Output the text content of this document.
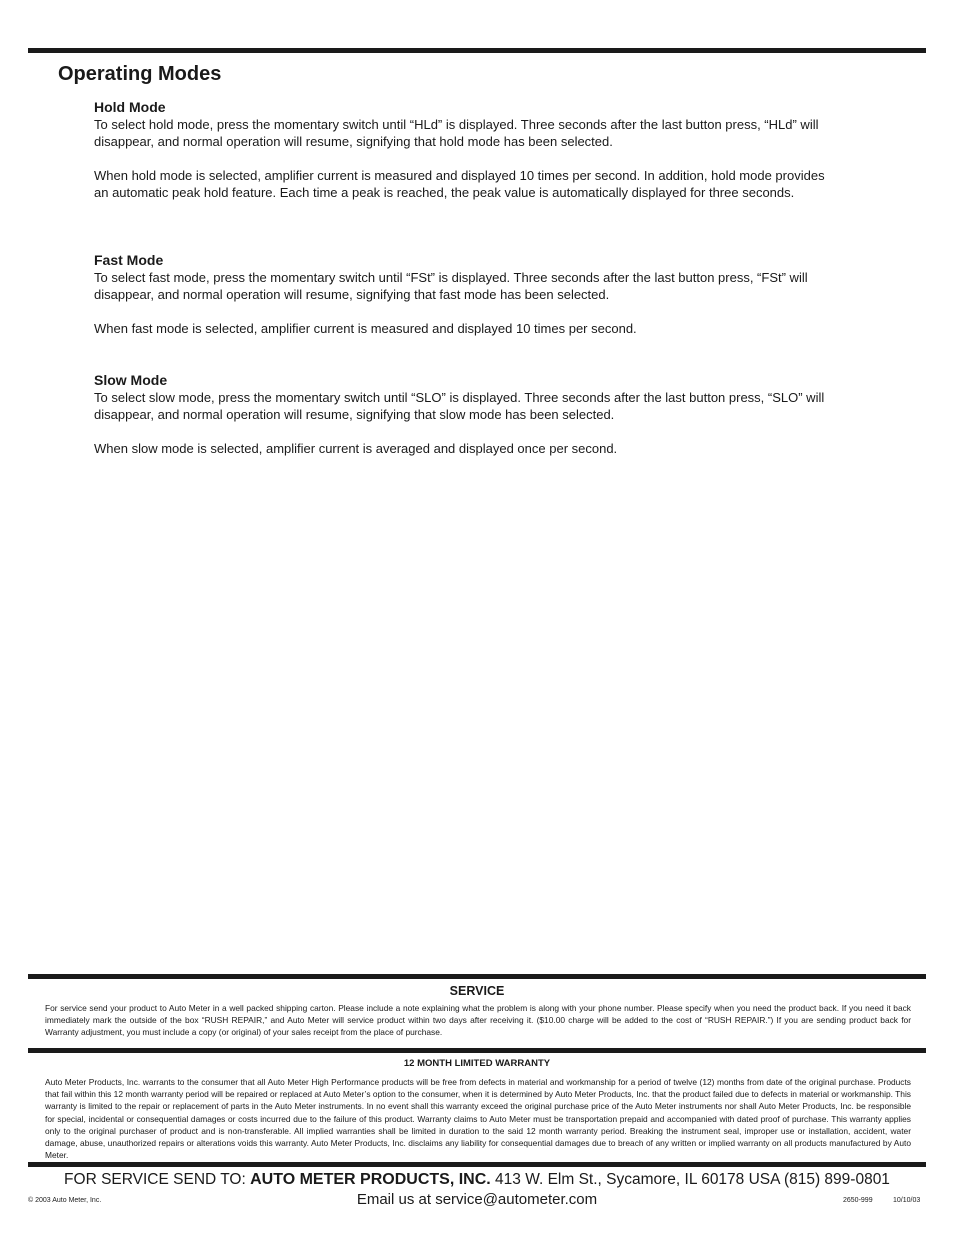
Operating Modes
Hold Mode

To select hold mode, press the momentary switch until “HLd” is displayed. Three seconds after the last button press, “HLd” will disappear, and normal operation will resume, signifying that hold mode has been selected.

When hold mode is selected, amplifier current is measured and displayed 10 times per second. In addition, hold mode provides an automatic peak hold feature. Each time a peak is reached, the peak value is automatically displayed for three seconds.

Fast Mode

To select fast mode, press the momentary switch until “FSt” is displayed. Three seconds after the last button press, “FSt” will disappear, and normal operation will resume, signifying that fast mode has been selected.

When fast mode is selected, amplifier current is measured and displayed 10 times per second.

Slow Mode

To select slow mode, press the momentary switch until “SLO” is displayed. Three seconds after the last button press, “SLO” will disappear, and normal operation will resume, signifying that slow mode has been selected.

When slow mode is selected, amplifier current is averaged and displayed once per second.

SERVICE
For service send your product to Auto Meter in a well packed shipping carton. Please include a note explaining what the problem is along with your phone number. Please specify when you need the product back. If you need it back immediately mark the outside of the box “RUSH REPAIR,” and Auto Meter will service product within two days after receiving it. ($10.00 charge will be added to the cost of “RUSH REPAIR.”) If you are sending product back for Warranty adjustment, you must include a copy (or original) of your sales receipt from the place of purchase.
12 MONTH LIMITED WARRANTY
Auto Meter Products, Inc. warrants to the consumer that all Auto Meter High Performance products will be free from defects in material and workmanship for a period of twelve (12) months from date of the original purchase. Products that fail within this 12 month warranty period will be repaired or replaced at Auto Meter’s option to the consumer, when it is determined by Auto Meter Products, Inc. that the product failed due to defects in material or workmanship. This warranty is limited to the repair or replacement of parts in the Auto Meter instruments. In no event shall this warranty exceed the original purchase price of the Auto Meter instruments nor shall Auto Meter Products, Inc. be responsible for special, incidental or consequential damages or costs incurred due to the failure of this product. Warranty claims to Auto Meter must be transportation prepaid and accompanied with dated proof of purchase. This warranty applies only to the original purchaser of product and is non-transferable. All implied warranties shall be limited in duration to the said 12 month warranty period. Breaking the instrument seal, improper use or installation, accident, water damage, abuse, unauthorized repairs or alterations voids this warranty. Auto Meter Products, Inc. disclaims any liability for consequential damages due to breach of any written or implied warranty on all products manufactured by Auto Meter.
FOR SERVICE SEND TO: AUTO METER PRODUCTS, INC. 413 W. Elm St., Sycamore, IL 60178 USA (815) 899-0801
Email us at service@autometer.com
© 2003 Auto Meter, Inc.	2650-999	10/10/03
